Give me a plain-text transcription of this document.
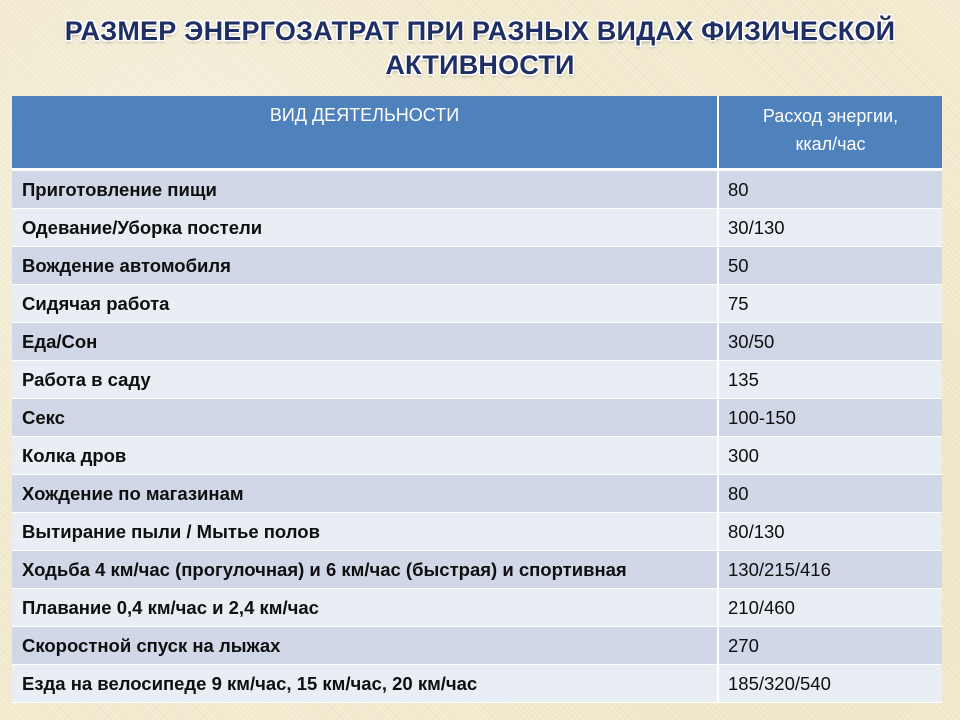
РАЗМЕР ЭНЕРГОЗАТРАТ ПРИ РАЗНЫХ ВИДАХ ФИЗИЧЕСКОЙ
АКТИВНОСТИ
ВИД ДЕЯТЕЛЬНОСТИ	Расход энергии,
ккал/час

Приготовление пищи	80
Одевание/Уборка постели	30/130
Вождение автомобиля	50
Сидячая работа	75
Еда/Сон	30/50
Работа в саду	135
Секс	100-150
Колка дров	300
Хождение по магазинам	80
Вытирание пыли / Мытье полов	80/130
Ходьба 4 км/час (прогулочная) и 6 км/час (быстрая) и спортивная	130/215/416
Плавание 0,4 км/час и 2,4 км/час	210/460
Скоростной спуск на лыжах	270
Езда на велосипеде 9 км/час, 15 км/час, 20 км/час	185/320/540
